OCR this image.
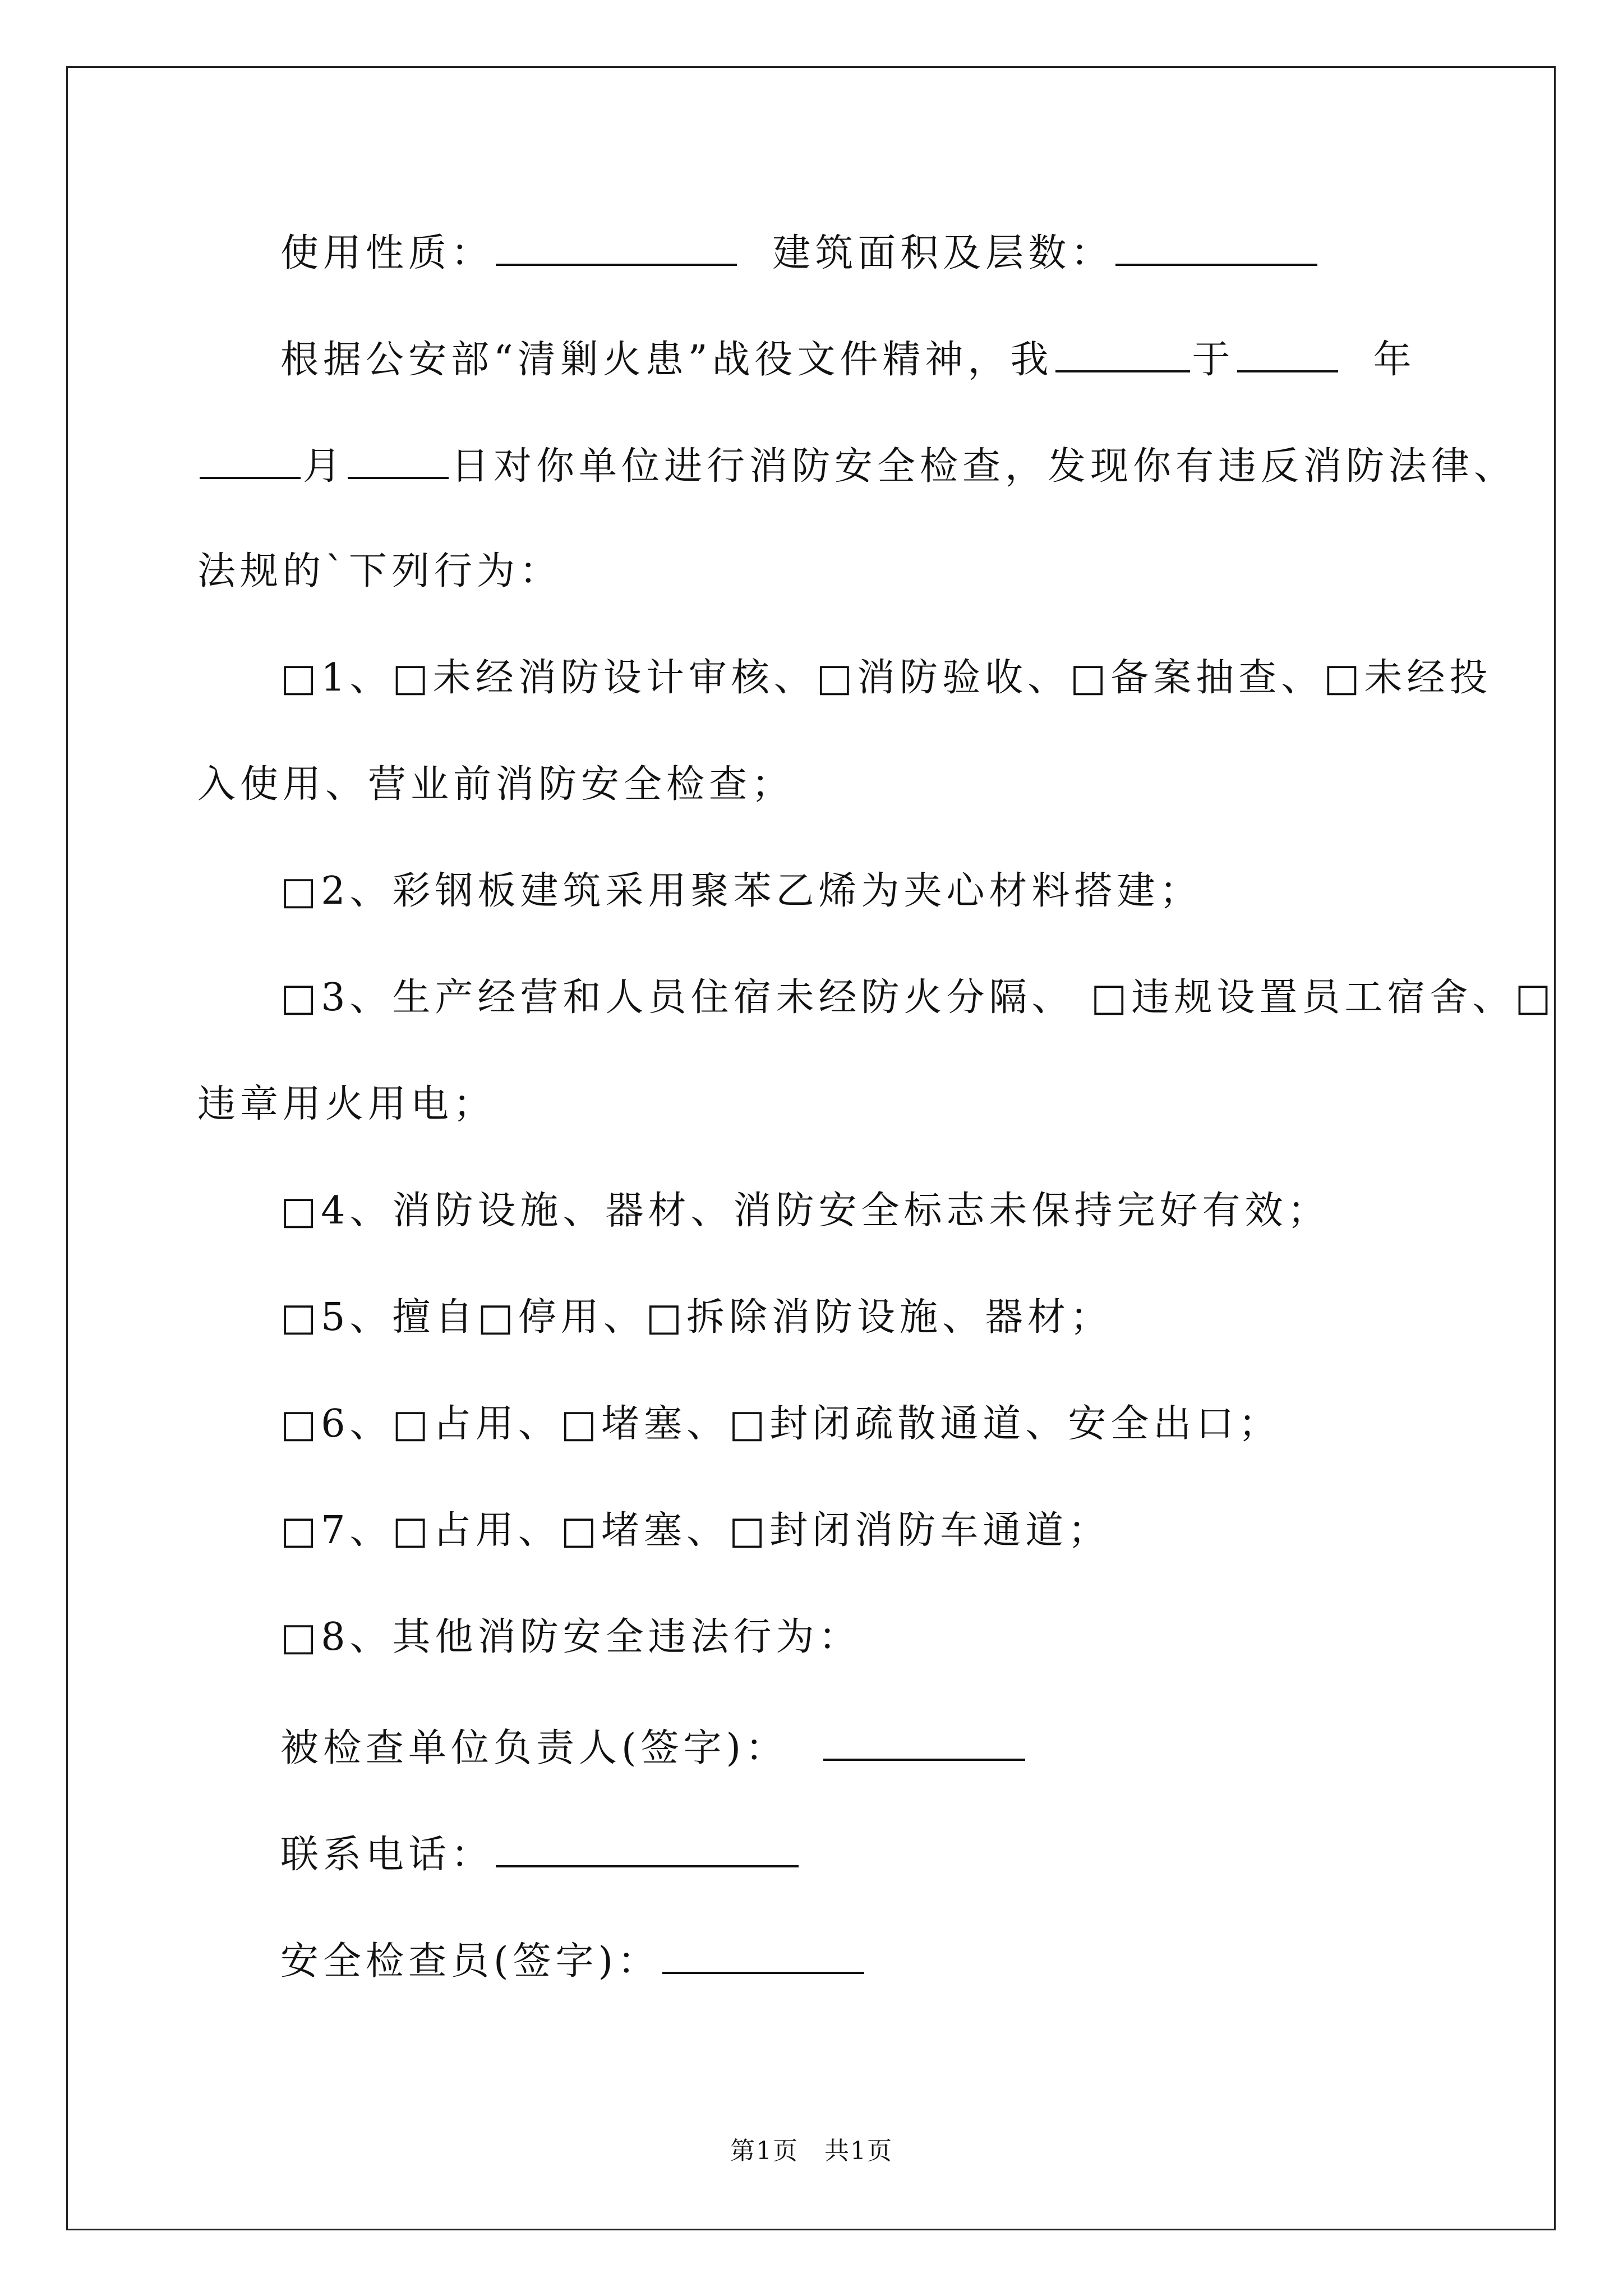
使用性质：	建筑面积及层数：
根据公安部“清剿火患”战役文件精神，我	于	年
月	日对你单位进行消防安全检查，发现你有违反消防法律、
法规的`下列行为：
□1、□未经消防设计审核、□消防验收、□备案抽查、□未经投
入使用、营业前消防安全检查；
□2、彩钢板建筑采用聚苯乙烯为夹心材料搭建；
□3、生产经营和人员住宿未经防火分隔、 □违规设置员工宿舍、□
违章用火用电；
□4、消防设施、器材、消防安全标志未保持完好有效；
□5、擅自□停用、□拆除消防设施、器材；
□6、□占用、□堵塞、□封闭疏散通道、安全出口；
□7、□占用、□堵塞、□封闭消防车通道；
□8、其他消防安全违法行为：
被检查单位负责人(签字)：
联系电话：
安全检查员(签字)：
第1页　共1页
